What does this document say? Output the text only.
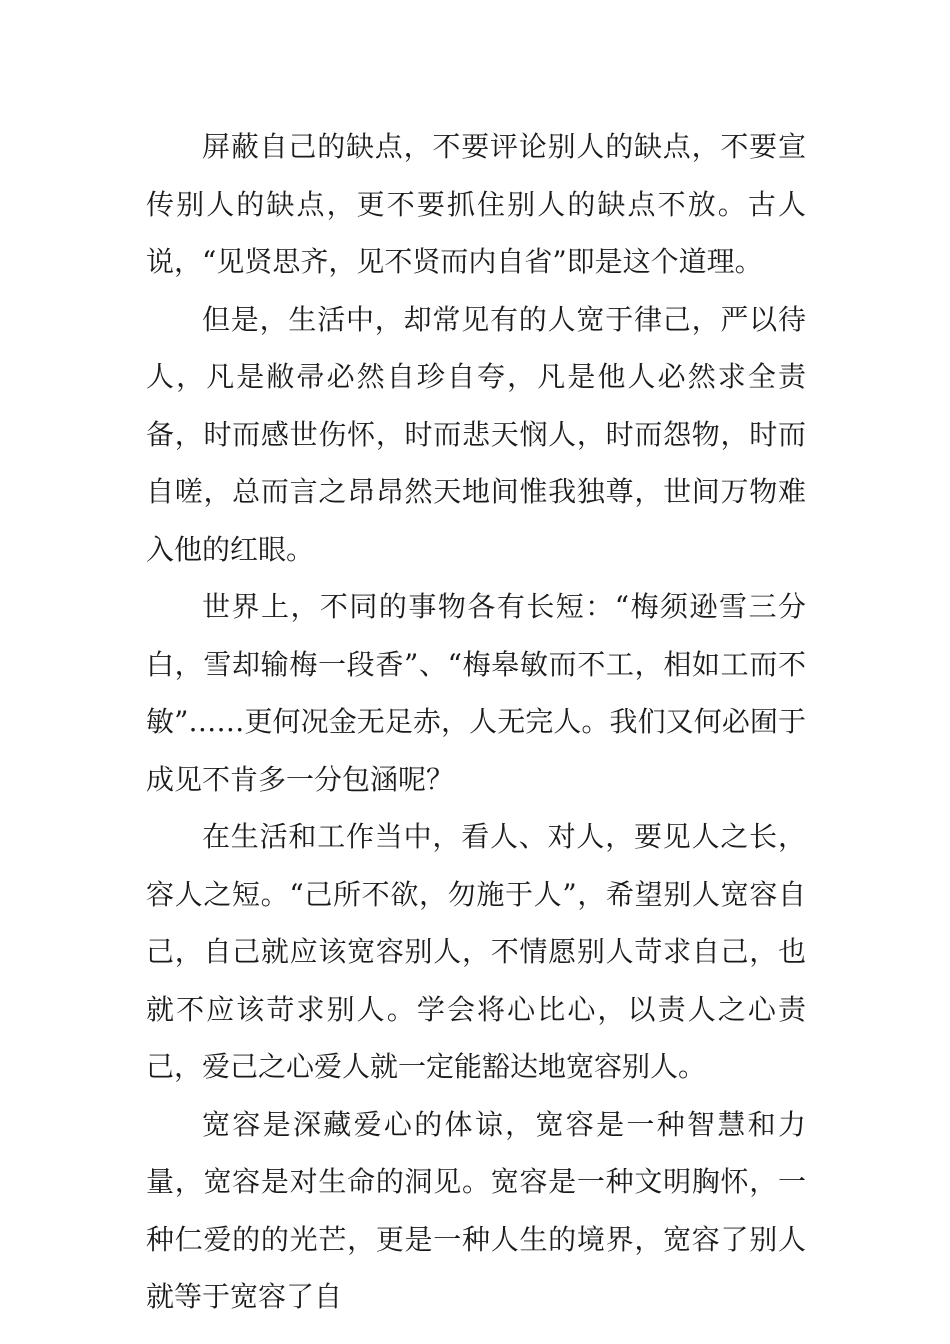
屏蔽自己的缺点，不要评论别人的缺点，不要宣传别人的缺点，更不要抓住别人的缺点不放。古人说，“见贤思齐，见不贤而内自省”即是这个道理。

但是，生活中，却常见有的人宽于律己，严以待人，凡是敝帚必然自珍自夸，凡是他人必然求全责备，时而感世伤怀，时而悲天悯人，时而怨物，时而自嗟，总而言之昂昂然天地间惟我独尊，世间万物难入他的红眼。

世界上，不同的事物各有长短：“梅须逊雪三分白，雪却输梅一段香”、“梅皋敏而不工，相如工而不敏”……更何况金无足赤，人无完人。我们又何必囿于成见不肯多一分包涵呢？

在生活和工作当中，看人、对人，要见人之长，容人之短。“己所不欲，勿施于人”，希望别人宽容自己，自己就应该宽容别人，不情愿别人苛求自己，也就不应该苛求别人。学会将心比心，以责人之心责己，爱己之心爱人就一定能豁达地宽容别人。

宽容是深藏爱心的体谅，宽容是一种智慧和力量，宽容是对生命的洞见。宽容是一种文明胸怀，一种仁爱的的光芒，更是一种人生的境界，宽容了别人就等于宽容了自
